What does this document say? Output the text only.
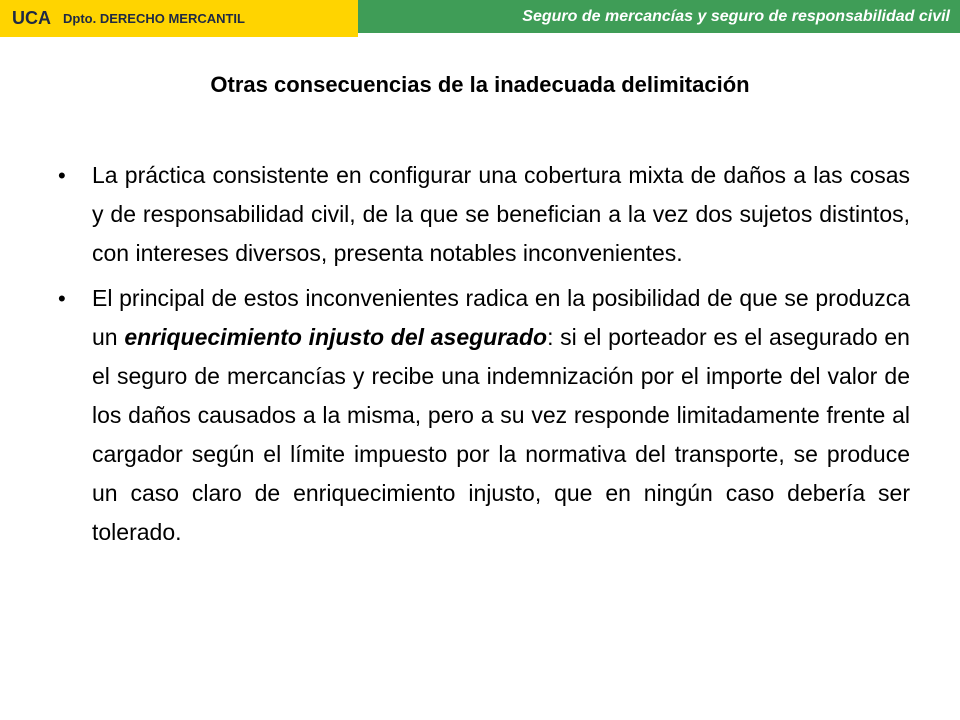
UCA Dpto. DERECHO MERCANTIL	Seguro de mercancías y seguro de responsabilidad civil
Otras consecuencias de la inadecuada delimitación
• La práctica consistente en configurar una cobertura mixta de daños a las cosas y de responsabilidad civil, de la que se benefician a la vez dos sujetos distintos, con intereses diversos, presenta notables inconvenientes.
• El principal de estos inconvenientes radica en la posibilidad de que se produzca un enriquecimiento injusto del asegurado: si el porteador es el asegurado en el seguro de mercancías y recibe una indemnización por el importe del valor de los daños causados a la misma, pero a su vez responde limitadamente frente al cargador según el límite impuesto por la normativa del transporte, se produce un caso claro de enriquecimiento injusto, que en ningún caso debería ser tolerado.
